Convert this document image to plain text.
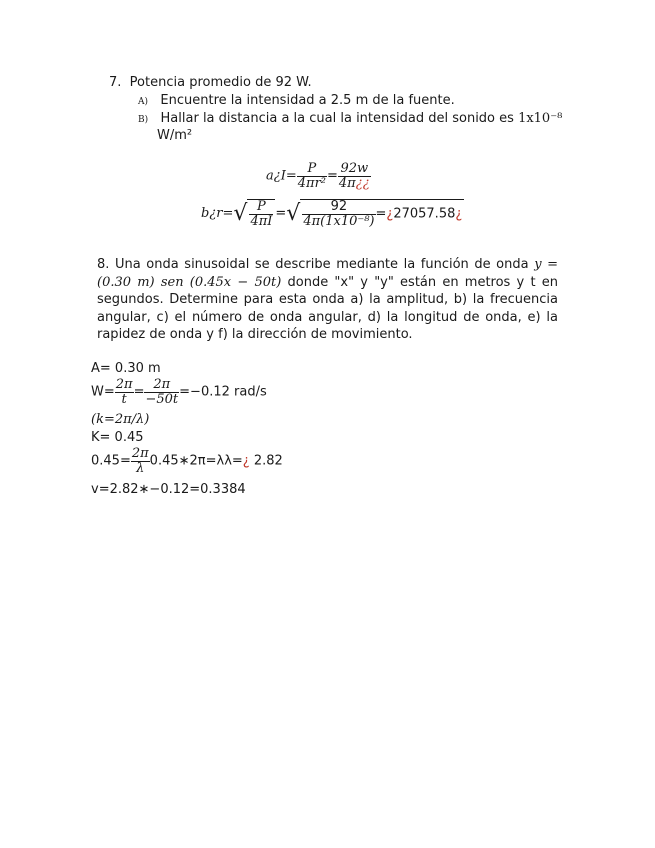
7. Potencia promedio de 92 W.
A) Encuentre la intensidad a 2.5 m de la fuente.
B) Hallar la distancia a la cual la intensidad del sonido es 1x10⁻⁸
W/m²
a¿I= $\frac{P}{\text{4πr²}} = \frac{92w}{4\pi¿¿}$
b¿r=√ $\frac{P}{4\pi I}$ =√ $\frac{92}{\text{4π(1x10⁻⁸)}}$ =¿27057.58¿
8. Una onda sinusoidal se describe mediante la función de onda y =
(0.30 m) sen (0.45x − 50t) donde "x" y "y" están en metros y t en
segundos. Determine para esta onda a) la amplitud, b) la frecuencia
angular, c) el número de onda angular, d) la longitud de onda, e) la
rapidez de onda y f) la dirección de movimiento.
A= 0.30 m
$W= \frac{2\pi}{t} = \frac{2\pi}{-50t} =-0.12$ rad/s
(k=2π/λ)
K= 0.45
$0.45= \frac{2\pi}{\lambda}$ 0.45∗2π=λλ=¿ 2.82
v=2.82∗−0.12=0.3384
